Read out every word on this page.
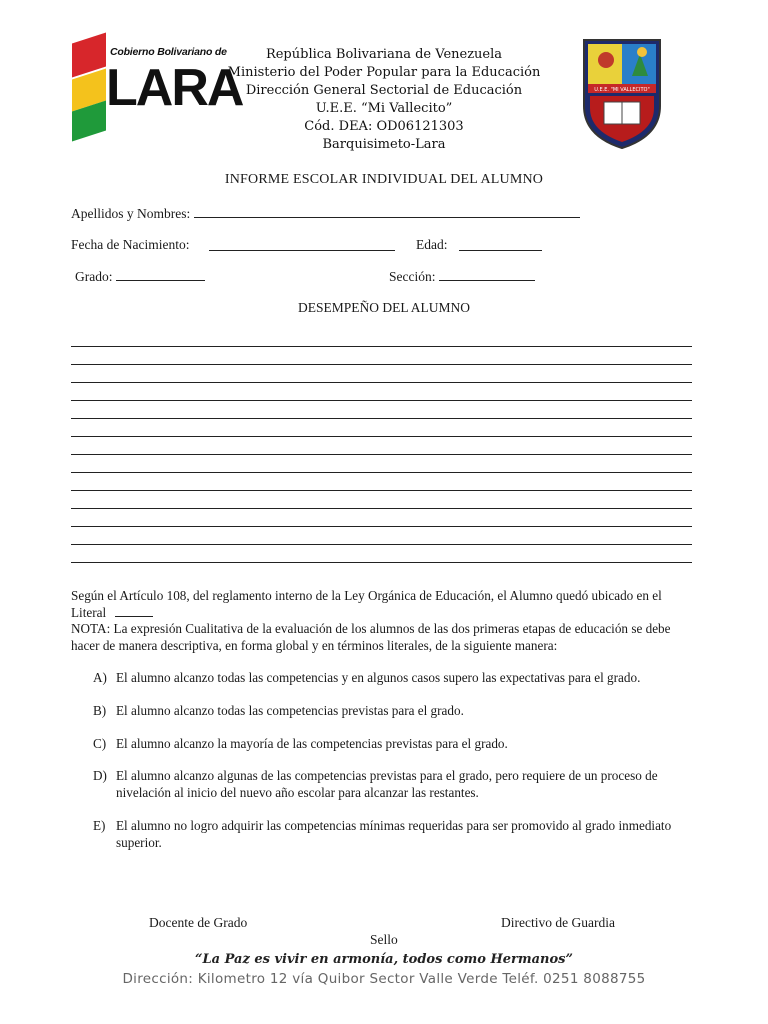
Cobierno Bolivariano de
LARA	U.E.E. "MI VALLECITO"
República Bolivariana de Venezuela
Ministerio del Poder Popular para la Educación
Dirección General Sectorial de Educación
U.E.E. “Mi Vallecito”
Cód. DEA: OD06121303
Barquisimeto-Lara
INFORME ESCOLAR INDIVIDUAL DEL ALUMNO
Apellidos y Nombres:
Fecha de Nacimiento:	Edad:
Grado:	Sección:
DESEMPEÑO DEL ALUMNO
Según el Artículo 108, del reglamento interno de la Ley Orgánica de Educación, el Alumno quedó ubicado en el Literal
NOTA: La expresión Cualitativa de la evaluación de los alumnos de las dos primeras etapas de educación se debe hacer de manera descriptiva, en forma global y en términos literales, de la siguiente manera:
A) El alumno alcanzo todas las competencias y en algunos casos supero las expectativas para el grado.
B) El alumno alcanzo todas las competencias previstas para el grado.
C) El alumno alcanzo la mayoría de las competencias previstas para el grado.
D) El alumno alcanzo algunas de las competencias previstas para el grado, pero requiere de un proceso de nivelación al inicio del nuevo año escolar para alcanzar las restantes.
E) El alumno no logro adquirir las competencias mínimas requeridas para ser promovido al grado inmediato superior.
Docente de Grado	Directivo de Guardia
Sello
“La Paz es vivir en armonía, todos como Hermanos”
Dirección: Kilometro 12 vía Quibor Sector Valle Verde Teléf. 0251 8088755
